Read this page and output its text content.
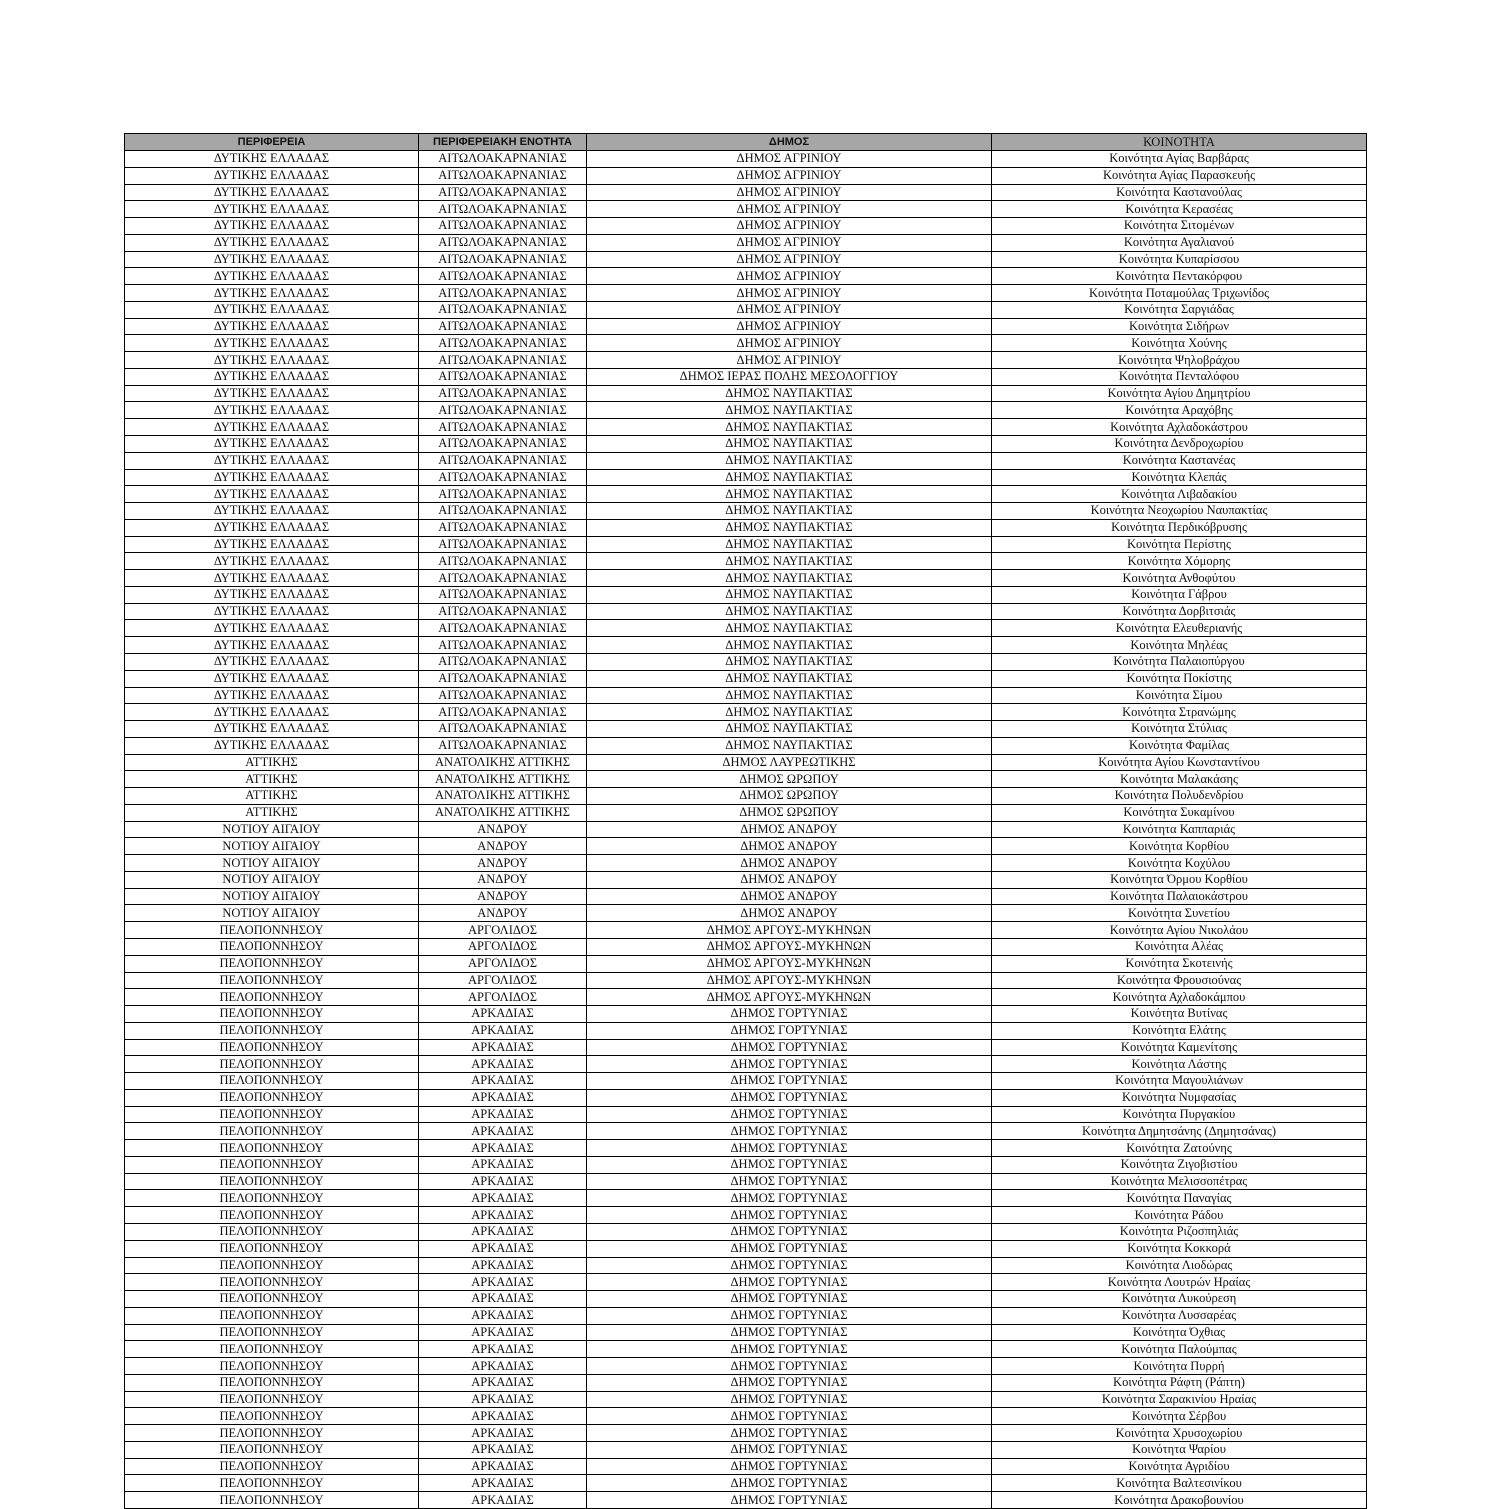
ΠΕΡΙΦΕΡΕΙΑ	ΠΕΡΙΦΕΡΕΙΑΚΗ ΕΝΟΤΗΤΑ	ΔΗΜΟΣ	ΚΟΙΝΟΤΗΤΑ
ΔΥΤΙΚΗΣ ΕΛΛΑΔΑΣ	ΑΙΤΩΛΟΑΚΑΡΝΑΝΙΑΣ	ΔΗΜΟΣ ΑΓΡΙΝΙΟΥ	Κοινότητα Αγίας Βαρβάρας
ΔΥΤΙΚΗΣ ΕΛΛΑΔΑΣ	ΑΙΤΩΛΟΑΚΑΡΝΑΝΙΑΣ	ΔΗΜΟΣ ΑΓΡΙΝΙΟΥ	Κοινότητα Αγίας Παρασκευής
ΔΥΤΙΚΗΣ ΕΛΛΑΔΑΣ	ΑΙΤΩΛΟΑΚΑΡΝΑΝΙΑΣ	ΔΗΜΟΣ ΑΓΡΙΝΙΟΥ	Κοινότητα Καστανούλας
ΔΥΤΙΚΗΣ ΕΛΛΑΔΑΣ	ΑΙΤΩΛΟΑΚΑΡΝΑΝΙΑΣ	ΔΗΜΟΣ ΑΓΡΙΝΙΟΥ	Κοινότητα Κερασέας
ΔΥΤΙΚΗΣ ΕΛΛΑΔΑΣ	ΑΙΤΩΛΟΑΚΑΡΝΑΝΙΑΣ	ΔΗΜΟΣ ΑΓΡΙΝΙΟΥ	Κοινότητα Σιτομένων
ΔΥΤΙΚΗΣ ΕΛΛΑΔΑΣ	ΑΙΤΩΛΟΑΚΑΡΝΑΝΙΑΣ	ΔΗΜΟΣ ΑΓΡΙΝΙΟΥ	Κοινότητα Αγαλιανού
ΔΥΤΙΚΗΣ ΕΛΛΑΔΑΣ	ΑΙΤΩΛΟΑΚΑΡΝΑΝΙΑΣ	ΔΗΜΟΣ ΑΓΡΙΝΙΟΥ	Κοινότητα Κυπαρίσσου
ΔΥΤΙΚΗΣ ΕΛΛΑΔΑΣ	ΑΙΤΩΛΟΑΚΑΡΝΑΝΙΑΣ	ΔΗΜΟΣ ΑΓΡΙΝΙΟΥ	Κοινότητα Πεντακόρφου
ΔΥΤΙΚΗΣ ΕΛΛΑΔΑΣ	ΑΙΤΩΛΟΑΚΑΡΝΑΝΙΑΣ	ΔΗΜΟΣ ΑΓΡΙΝΙΟΥ	Κοινότητα Ποταμούλας Τριχωνίδος
ΔΥΤΙΚΗΣ ΕΛΛΑΔΑΣ	ΑΙΤΩΛΟΑΚΑΡΝΑΝΙΑΣ	ΔΗΜΟΣ ΑΓΡΙΝΙΟΥ	Κοινότητα Σαργιάδας
ΔΥΤΙΚΗΣ ΕΛΛΑΔΑΣ	ΑΙΤΩΛΟΑΚΑΡΝΑΝΙΑΣ	ΔΗΜΟΣ ΑΓΡΙΝΙΟΥ	Κοινότητα Σιδήρων
ΔΥΤΙΚΗΣ ΕΛΛΑΔΑΣ	ΑΙΤΩΛΟΑΚΑΡΝΑΝΙΑΣ	ΔΗΜΟΣ ΑΓΡΙΝΙΟΥ	Κοινότητα Χούνης
ΔΥΤΙΚΗΣ ΕΛΛΑΔΑΣ	ΑΙΤΩΛΟΑΚΑΡΝΑΝΙΑΣ	ΔΗΜΟΣ ΑΓΡΙΝΙΟΥ	Κοινότητα Ψηλοβράχου
ΔΥΤΙΚΗΣ ΕΛΛΑΔΑΣ	ΑΙΤΩΛΟΑΚΑΡΝΑΝΙΑΣ	ΔΗΜΟΣ ΙΕΡΑΣ ΠΟΛΗΣ ΜΕΣΟΛΟΓΓΙΟΥ	Κοινότητα Πενταλόφου
ΔΥΤΙΚΗΣ ΕΛΛΑΔΑΣ	ΑΙΤΩΛΟΑΚΑΡΝΑΝΙΑΣ	ΔΗΜΟΣ ΝΑΥΠΑΚΤΙΑΣ	Κοινότητα Αγίου Δημητρίου
ΔΥΤΙΚΗΣ ΕΛΛΑΔΑΣ	ΑΙΤΩΛΟΑΚΑΡΝΑΝΙΑΣ	ΔΗΜΟΣ ΝΑΥΠΑΚΤΙΑΣ	Κοινότητα Αραχόβης
ΔΥΤΙΚΗΣ ΕΛΛΑΔΑΣ	ΑΙΤΩΛΟΑΚΑΡΝΑΝΙΑΣ	ΔΗΜΟΣ ΝΑΥΠΑΚΤΙΑΣ	Κοινότητα Αχλαδοκάστρου
ΔΥΤΙΚΗΣ ΕΛΛΑΔΑΣ	ΑΙΤΩΛΟΑΚΑΡΝΑΝΙΑΣ	ΔΗΜΟΣ ΝΑΥΠΑΚΤΙΑΣ	Κοινότητα Δενδροχωρίου
ΔΥΤΙΚΗΣ ΕΛΛΑΔΑΣ	ΑΙΤΩΛΟΑΚΑΡΝΑΝΙΑΣ	ΔΗΜΟΣ ΝΑΥΠΑΚΤΙΑΣ	Κοινότητα Καστανέας
ΔΥΤΙΚΗΣ ΕΛΛΑΔΑΣ	ΑΙΤΩΛΟΑΚΑΡΝΑΝΙΑΣ	ΔΗΜΟΣ ΝΑΥΠΑΚΤΙΑΣ	Κοινότητα Κλεπάς
ΔΥΤΙΚΗΣ ΕΛΛΑΔΑΣ	ΑΙΤΩΛΟΑΚΑΡΝΑΝΙΑΣ	ΔΗΜΟΣ ΝΑΥΠΑΚΤΙΑΣ	Κοινότητα Λιβαδακίου
ΔΥΤΙΚΗΣ ΕΛΛΑΔΑΣ	ΑΙΤΩΛΟΑΚΑΡΝΑΝΙΑΣ	ΔΗΜΟΣ ΝΑΥΠΑΚΤΙΑΣ	Κοινότητα Νεοχωρίου Ναυπακτίας
ΔΥΤΙΚΗΣ ΕΛΛΑΔΑΣ	ΑΙΤΩΛΟΑΚΑΡΝΑΝΙΑΣ	ΔΗΜΟΣ ΝΑΥΠΑΚΤΙΑΣ	Κοινότητα Περδικόβρυσης
ΔΥΤΙΚΗΣ ΕΛΛΑΔΑΣ	ΑΙΤΩΛΟΑΚΑΡΝΑΝΙΑΣ	ΔΗΜΟΣ ΝΑΥΠΑΚΤΙΑΣ	Κοινότητα Περίστης
ΔΥΤΙΚΗΣ ΕΛΛΑΔΑΣ	ΑΙΤΩΛΟΑΚΑΡΝΑΝΙΑΣ	ΔΗΜΟΣ ΝΑΥΠΑΚΤΙΑΣ	Κοινότητα Χόμορης
ΔΥΤΙΚΗΣ ΕΛΛΑΔΑΣ	ΑΙΤΩΛΟΑΚΑΡΝΑΝΙΑΣ	ΔΗΜΟΣ ΝΑΥΠΑΚΤΙΑΣ	Κοινότητα Ανθοφύτου
ΔΥΤΙΚΗΣ ΕΛΛΑΔΑΣ	ΑΙΤΩΛΟΑΚΑΡΝΑΝΙΑΣ	ΔΗΜΟΣ ΝΑΥΠΑΚΤΙΑΣ	Κοινότητα Γάβρου
ΔΥΤΙΚΗΣ ΕΛΛΑΔΑΣ	ΑΙΤΩΛΟΑΚΑΡΝΑΝΙΑΣ	ΔΗΜΟΣ ΝΑΥΠΑΚΤΙΑΣ	Κοινότητα Δορβιτσιάς
ΔΥΤΙΚΗΣ ΕΛΛΑΔΑΣ	ΑΙΤΩΛΟΑΚΑΡΝΑΝΙΑΣ	ΔΗΜΟΣ ΝΑΥΠΑΚΤΙΑΣ	Κοινότητα Ελευθεριανής
ΔΥΤΙΚΗΣ ΕΛΛΑΔΑΣ	ΑΙΤΩΛΟΑΚΑΡΝΑΝΙΑΣ	ΔΗΜΟΣ ΝΑΥΠΑΚΤΙΑΣ	Κοινότητα Μηλέας
ΔΥΤΙΚΗΣ ΕΛΛΑΔΑΣ	ΑΙΤΩΛΟΑΚΑΡΝΑΝΙΑΣ	ΔΗΜΟΣ ΝΑΥΠΑΚΤΙΑΣ	Κοινότητα Παλαιοπύργου
ΔΥΤΙΚΗΣ ΕΛΛΑΔΑΣ	ΑΙΤΩΛΟΑΚΑΡΝΑΝΙΑΣ	ΔΗΜΟΣ ΝΑΥΠΑΚΤΙΑΣ	Κοινότητα Ποκίστης
ΔΥΤΙΚΗΣ ΕΛΛΑΔΑΣ	ΑΙΤΩΛΟΑΚΑΡΝΑΝΙΑΣ	ΔΗΜΟΣ ΝΑΥΠΑΚΤΙΑΣ	Κοινότητα Σίμου
ΔΥΤΙΚΗΣ ΕΛΛΑΔΑΣ	ΑΙΤΩΛΟΑΚΑΡΝΑΝΙΑΣ	ΔΗΜΟΣ ΝΑΥΠΑΚΤΙΑΣ	Κοινότητα Στρανώμης
ΔΥΤΙΚΗΣ ΕΛΛΑΔΑΣ	ΑΙΤΩΛΟΑΚΑΡΝΑΝΙΑΣ	ΔΗΜΟΣ ΝΑΥΠΑΚΤΙΑΣ	Κοινότητα Στύλιας
ΔΥΤΙΚΗΣ ΕΛΛΑΔΑΣ	ΑΙΤΩΛΟΑΚΑΡΝΑΝΙΑΣ	ΔΗΜΟΣ ΝΑΥΠΑΚΤΙΑΣ	Κοινότητα Φαμίλας
ΑΤΤΙΚΗΣ	ΑΝΑΤΟΛΙΚΗΣ ΑΤΤΙΚΗΣ	ΔΗΜΟΣ ΛΑΥΡΕΩΤΙΚΗΣ	Κοινότητα Αγίου Κωνσταντίνου
ΑΤΤΙΚΗΣ	ΑΝΑΤΟΛΙΚΗΣ ΑΤΤΙΚΗΣ	ΔΗΜΟΣ ΩΡΩΠΟΥ	Κοινότητα Μαλακάσης
ΑΤΤΙΚΗΣ	ΑΝΑΤΟΛΙΚΗΣ ΑΤΤΙΚΗΣ	ΔΗΜΟΣ ΩΡΩΠΟΥ	Κοινότητα Πολυδενδρίου
ΑΤΤΙΚΗΣ	ΑΝΑΤΟΛΙΚΗΣ ΑΤΤΙΚΗΣ	ΔΗΜΟΣ ΩΡΩΠΟΥ	Κοινότητα Συκαμίνου
ΝΟΤΙΟΥ ΑΙΓΑΙΟΥ	ΑΝΔΡΟΥ	ΔΗΜΟΣ ΑΝΔΡΟΥ	Κοινότητα Καππαριάς
ΝΟΤΙΟΥ ΑΙΓΑΙΟΥ	ΑΝΔΡΟΥ	ΔΗΜΟΣ ΑΝΔΡΟΥ	Κοινότητα Κορθίου
ΝΟΤΙΟΥ ΑΙΓΑΙΟΥ	ΑΝΔΡΟΥ	ΔΗΜΟΣ ΑΝΔΡΟΥ	Κοινότητα Κοχύλου
ΝΟΤΙΟΥ ΑΙΓΑΙΟΥ	ΑΝΔΡΟΥ	ΔΗΜΟΣ ΑΝΔΡΟΥ	Κοινότητα Όρμου Κορθίου
ΝΟΤΙΟΥ ΑΙΓΑΙΟΥ	ΑΝΔΡΟΥ	ΔΗΜΟΣ ΑΝΔΡΟΥ	Κοινότητα Παλαιοκάστρου
ΝΟΤΙΟΥ ΑΙΓΑΙΟΥ	ΑΝΔΡΟΥ	ΔΗΜΟΣ ΑΝΔΡΟΥ	Κοινότητα Συνετίου
ΠΕΛΟΠΟΝΝΗΣΟΥ	ΑΡΓΟΛΙΔΟΣ	ΔΗΜΟΣ ΑΡΓΟΥΣ-ΜΥΚΗΝΩΝ	Κοινότητα Αγίου Νικολάου
ΠΕΛΟΠΟΝΝΗΣΟΥ	ΑΡΓΟΛΙΔΟΣ	ΔΗΜΟΣ ΑΡΓΟΥΣ-ΜΥΚΗΝΩΝ	Κοινότητα Αλέας
ΠΕΛΟΠΟΝΝΗΣΟΥ	ΑΡΓΟΛΙΔΟΣ	ΔΗΜΟΣ ΑΡΓΟΥΣ-ΜΥΚΗΝΩΝ	Κοινότητα Σκοτεινής
ΠΕΛΟΠΟΝΝΗΣΟΥ	ΑΡΓΟΛΙΔΟΣ	ΔΗΜΟΣ ΑΡΓΟΥΣ-ΜΥΚΗΝΩΝ	Κοινότητα Φρουσιούνας
ΠΕΛΟΠΟΝΝΗΣΟΥ	ΑΡΓΟΛΙΔΟΣ	ΔΗΜΟΣ ΑΡΓΟΥΣ-ΜΥΚΗΝΩΝ	Κοινότητα Αχλαδοκάμπου
ΠΕΛΟΠΟΝΝΗΣΟΥ	ΑΡΚΑΔΙΑΣ	ΔΗΜΟΣ ΓΟΡΤΥΝΙΑΣ	Κοινότητα Βυτίνας
ΠΕΛΟΠΟΝΝΗΣΟΥ	ΑΡΚΑΔΙΑΣ	ΔΗΜΟΣ ΓΟΡΤΥΝΙΑΣ	Κοινότητα Ελάτης
ΠΕΛΟΠΟΝΝΗΣΟΥ	ΑΡΚΑΔΙΑΣ	ΔΗΜΟΣ ΓΟΡΤΥΝΙΑΣ	Κοινότητα Καμενίτσης
ΠΕΛΟΠΟΝΝΗΣΟΥ	ΑΡΚΑΔΙΑΣ	ΔΗΜΟΣ ΓΟΡΤΥΝΙΑΣ	Κοινότητα Λάστης
ΠΕΛΟΠΟΝΝΗΣΟΥ	ΑΡΚΑΔΙΑΣ	ΔΗΜΟΣ ΓΟΡΤΥΝΙΑΣ	Κοινότητα Μαγουλιάνων
ΠΕΛΟΠΟΝΝΗΣΟΥ	ΑΡΚΑΔΙΑΣ	ΔΗΜΟΣ ΓΟΡΤΥΝΙΑΣ	Κοινότητα Νυμφασίας
ΠΕΛΟΠΟΝΝΗΣΟΥ	ΑΡΚΑΔΙΑΣ	ΔΗΜΟΣ ΓΟΡΤΥΝΙΑΣ	Κοινότητα Πυργακίου
ΠΕΛΟΠΟΝΝΗΣΟΥ	ΑΡΚΑΔΙΑΣ	ΔΗΜΟΣ ΓΟΡΤΥΝΙΑΣ	Κοινότητα Δημητσάνης (Δημητσάνας)
ΠΕΛΟΠΟΝΝΗΣΟΥ	ΑΡΚΑΔΙΑΣ	ΔΗΜΟΣ ΓΟΡΤΥΝΙΑΣ	Κοινότητα Ζατούνης
ΠΕΛΟΠΟΝΝΗΣΟΥ	ΑΡΚΑΔΙΑΣ	ΔΗΜΟΣ ΓΟΡΤΥΝΙΑΣ	Κοινότητα Ζιγοβιστίου
ΠΕΛΟΠΟΝΝΗΣΟΥ	ΑΡΚΑΔΙΑΣ	ΔΗΜΟΣ ΓΟΡΤΥΝΙΑΣ	Κοινότητα Μελισσοπέτρας
ΠΕΛΟΠΟΝΝΗΣΟΥ	ΑΡΚΑΔΙΑΣ	ΔΗΜΟΣ ΓΟΡΤΥΝΙΑΣ	Κοινότητα Παναγίας
ΠΕΛΟΠΟΝΝΗΣΟΥ	ΑΡΚΑΔΙΑΣ	ΔΗΜΟΣ ΓΟΡΤΥΝΙΑΣ	Κοινότητα Ράδου
ΠΕΛΟΠΟΝΝΗΣΟΥ	ΑΡΚΑΔΙΑΣ	ΔΗΜΟΣ ΓΟΡΤΥΝΙΑΣ	Κοινότητα Ριζοσπηλιάς
ΠΕΛΟΠΟΝΝΗΣΟΥ	ΑΡΚΑΔΙΑΣ	ΔΗΜΟΣ ΓΟΡΤΥΝΙΑΣ	Κοινότητα Κοκκορά
ΠΕΛΟΠΟΝΝΗΣΟΥ	ΑΡΚΑΔΙΑΣ	ΔΗΜΟΣ ΓΟΡΤΥΝΙΑΣ	Κοινότητα Λιοδώρας
ΠΕΛΟΠΟΝΝΗΣΟΥ	ΑΡΚΑΔΙΑΣ	ΔΗΜΟΣ ΓΟΡΤΥΝΙΑΣ	Κοινότητα Λουτρών Ηραίας
ΠΕΛΟΠΟΝΝΗΣΟΥ	ΑΡΚΑΔΙΑΣ	ΔΗΜΟΣ ΓΟΡΤΥΝΙΑΣ	Κοινότητα Λυκούρεση
ΠΕΛΟΠΟΝΝΗΣΟΥ	ΑΡΚΑΔΙΑΣ	ΔΗΜΟΣ ΓΟΡΤΥΝΙΑΣ	Κοινότητα Λυσσαρέας
ΠΕΛΟΠΟΝΝΗΣΟΥ	ΑΡΚΑΔΙΑΣ	ΔΗΜΟΣ ΓΟΡΤΥΝΙΑΣ	Κοινότητα Όχθιας
ΠΕΛΟΠΟΝΝΗΣΟΥ	ΑΡΚΑΔΙΑΣ	ΔΗΜΟΣ ΓΟΡΤΥΝΙΑΣ	Κοινότητα Παλούμπας
ΠΕΛΟΠΟΝΝΗΣΟΥ	ΑΡΚΑΔΙΑΣ	ΔΗΜΟΣ ΓΟΡΤΥΝΙΑΣ	Κοινότητα Πυρρή
ΠΕΛΟΠΟΝΝΗΣΟΥ	ΑΡΚΑΔΙΑΣ	ΔΗΜΟΣ ΓΟΡΤΥΝΙΑΣ	Κοινότητα Ράφτη (Ράπτη)
ΠΕΛΟΠΟΝΝΗΣΟΥ	ΑΡΚΑΔΙΑΣ	ΔΗΜΟΣ ΓΟΡΤΥΝΙΑΣ	Κοινότητα Σαρακινίου Ηραίας
ΠΕΛΟΠΟΝΝΗΣΟΥ	ΑΡΚΑΔΙΑΣ	ΔΗΜΟΣ ΓΟΡΤΥΝΙΑΣ	Κοινότητα Σέρβου
ΠΕΛΟΠΟΝΝΗΣΟΥ	ΑΡΚΑΔΙΑΣ	ΔΗΜΟΣ ΓΟΡΤΥΝΙΑΣ	Κοινότητα Χρυσοχωρίου
ΠΕΛΟΠΟΝΝΗΣΟΥ	ΑΡΚΑΔΙΑΣ	ΔΗΜΟΣ ΓΟΡΤΥΝΙΑΣ	Κοινότητα Ψαρίου
ΠΕΛΟΠΟΝΝΗΣΟΥ	ΑΡΚΑΔΙΑΣ	ΔΗΜΟΣ ΓΟΡΤΥΝΙΑΣ	Κοινότητα Αγριδίου
ΠΕΛΟΠΟΝΝΗΣΟΥ	ΑΡΚΑΔΙΑΣ	ΔΗΜΟΣ ΓΟΡΤΥΝΙΑΣ	Κοινότητα Βαλτεσινίκου
ΠΕΛΟΠΟΝΝΗΣΟΥ	ΑΡΚΑΔΙΑΣ	ΔΗΜΟΣ ΓΟΡΤΥΝΙΑΣ	Κοινότητα Δρακοβουνίου
